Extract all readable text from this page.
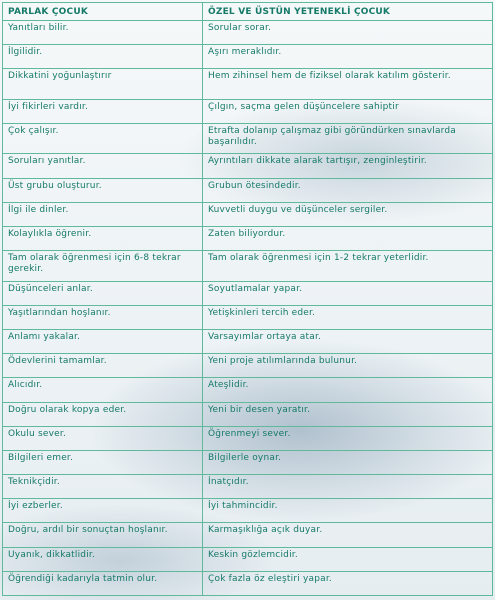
PARLAK ÇOCUK	ÖZEL VE ÜSTÜN YETENEKLİ ÇOCUK
Yanıtları bilir.	Sorular sorar.
İlgilidir.	Aşırı meraklıdır.
Dikkatini yoğunlaştırır	Hem zihinsel hem de fiziksel olarak katılım gösterir.
İyi fikirleri vardır.	Çılgın, saçma gelen düşüncelere sahiptir
Çok çalışır.	Etrafta dolanıp çalışmaz gibi göründürken sınavlarda başarılıdır.
Soruları yanıtlar.	Ayrıntıları dikkate alarak tartışır, zenginleştirir.
Üst grubu oluşturur.	Grubun ötesindedir.
İlgi ile dinler.	Kuvvetli duygu ve düşünceler sergiler.
Kolaylıkla öğrenir.	Zaten biliyordur.
Tam olarak öğrenmesi için 6-8 tekrar gerekir.	Tam olarak öğrenmesi için 1-2 tekrar yeterlidir.
Düşünceleri anlar.	Soyutlamalar yapar.
Yaşıtlarından hoşlanır.	Yetişkinleri tercih eder.
Anlamı yakalar.	Varsayımlar ortaya atar.
Ödevlerini tamamlar.	Yeni proje atılımlarında bulunur.
Alıcıdır.	Ateşlidir.
Doğru olarak kopya eder.	Yeni bir desen yaratır.
Okulu sever.	Öğrenmeyi sever.
Bilgileri emer.	Bilgilerle oynar.
Teknikçidir.	İnatçıdır.
İyi ezberler.	İyi tahmincidir.
Doğru, ardıl bir sonuçtan hoşlanır.	Karmaşıklığa açık duyar.
Uyanık, dikkatlidir.	Keskin gözlemcidir.
Öğrendiği kadarıyla tatmin olur.	Çok fazla öz eleştiri yapar.
